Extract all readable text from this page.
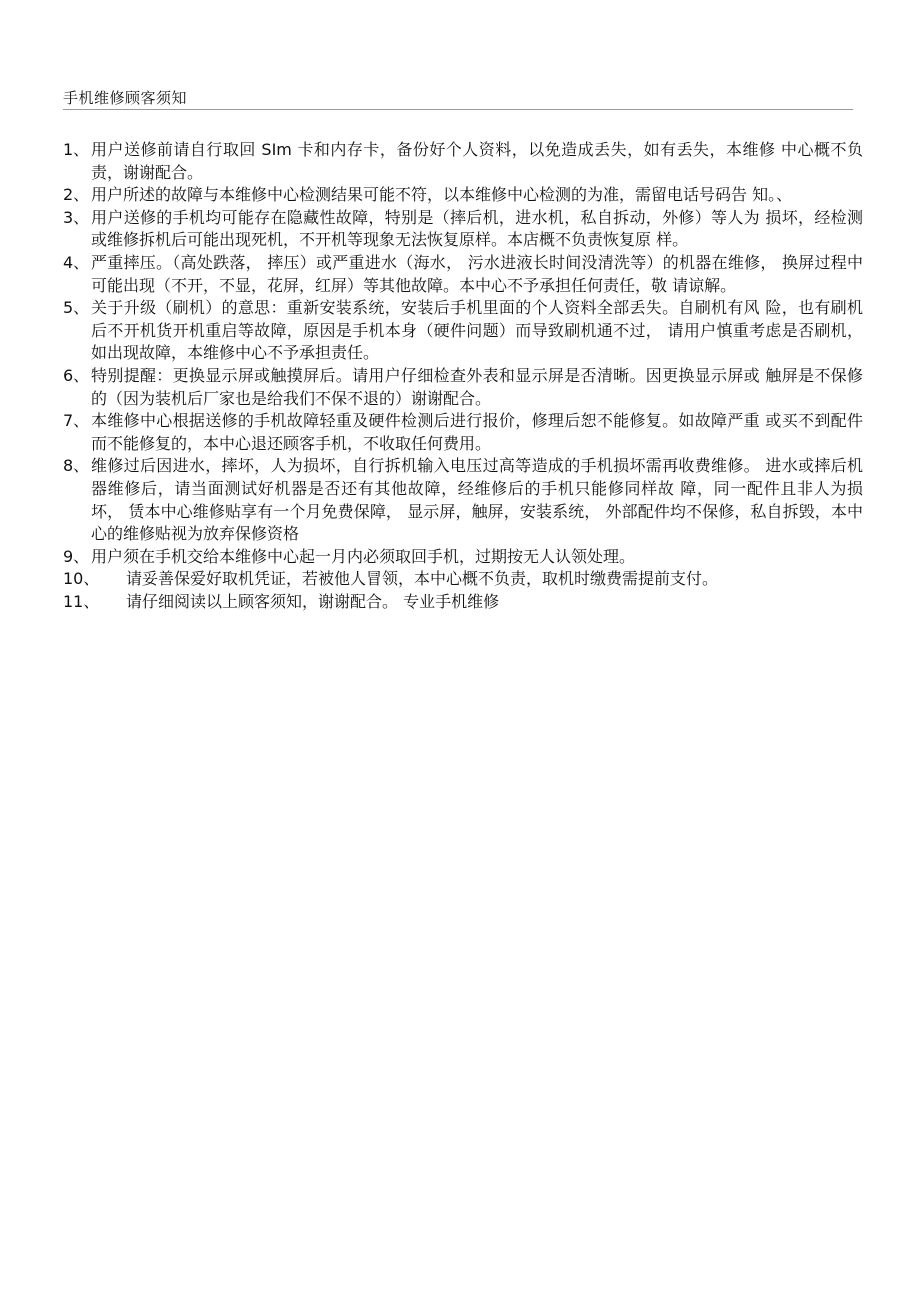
手机维修顾客须知
1、 用户送修前请自行取回 SIm 卡和内存卡，备份好个人资料，以免造成丢失，如有丢失，本维修 中心概不负责，谢谢配合。
2、 用户所述的故障与本维修中心检测结果可能不符，以本维修中心检测的为准，需留电话号码告 知。、
3、 用户送修的手机均可能存在隐藏性故障，特别是（摔后机，进水机，私自拆动，外修）等人为 损坏，经检测或维修拆机后可能出现死机，不开机等现象无法恢复原样。本店概不负责恢复原 样。
4、 严重摔压。（高处跌落， 摔压）或严重进水（海水， 污水进液长时间没清洗等）的机器在维修， 换屏过程中可能出现（不开，不显，花屏，红屏）等其他故障。本中心不予承担任何责任，敬 请谅解。
5、 关于升级（刷机）的意思：重新安装系统，安装后手机里面的个人资料全部丢失。自刷机有风 险，也有刷机后不开机货开机重启等故障，原因是手机本身（硬件问题）而导致刷机通不过， 请用户慎重考虑是否刷机，如出现故障，本维修中心不予承担责任。
6、 特别提醒：更换显示屏或触摸屏后。请用户仔细检查外表和显示屏是否清晰。因更换显示屏或 触屏是不保修的（因为装机后厂家也是给我们不保不退的）谢谢配合。
7、 本维修中心根据送修的手机故障轻重及硬件检测后进行报价，修理后恕不能修复。如故障严重 或买不到配件而不能修复的，本中心退还顾客手机，不收取任何费用。
8、 维修过后因进水，摔坏，人为损坏，自行拆机输入电压过高等造成的手机损坏需再收费维修。 进水或摔后机器维修后，请当面测试好机器是否还有其他故障，经维修后的手机只能修同样故 障，同一配件且非人为损坏， 赁本中心维修贴享有一个月免费保障， 显示屏，触屏，安装系统， 外部配件均不保修，私自拆毁，本中心的维修贴视为放弃保修资格
9、 用户须在手机交给本维修中心起一月内必须取回手机，过期按无人认领处理。
10、 请妥善保爱好取机凭证，若被他人冒领，本中心概不负责，取机时缴费需提前支付。
11、 请仔细阅读以上顾客须知，谢谢配合。 专业手机维修
